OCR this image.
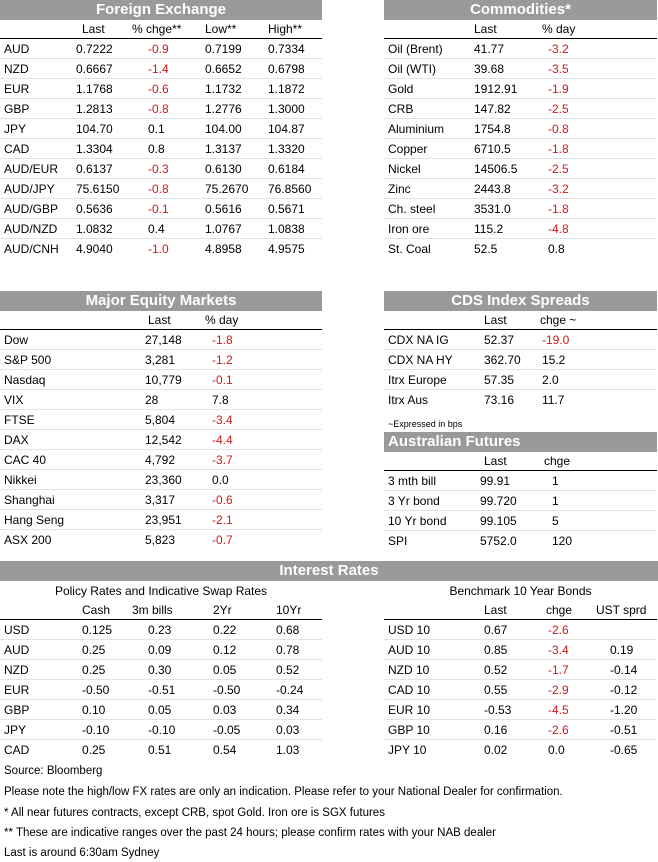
Foreign Exchange
Last % chge** Low**	High**
AUD	0.7222	-0.9	0.7199 0.7334
NZD	0.6667	-1.4	0.6652 0.6798
EUR	1.1768	-0.6	1.1732 1.1872
GBP	1.2813	-0.8	1.2776 1.3000
JPY	104.70	0.1	104.00 104.87
CAD	1.3304	0.8	1.3137 1.3320
AUD/EUR 0.6137	-0.3	0.6130 0.6184
AUD/JPY 75.6150 -0.8	75.2670 76.8560
AUD/GBP 0.5636	-0.1	0.5616 0.5671
AUD/NZD 1.0832	0.4	1.0767 1.0838
AUD/CNH 4.9040	-1.0	4.8958 4.9575
Commodities*
Last	% day
Oil (Brent)	41.77	-3.2
Oil (WTI)	39.68	-3.5
Gold	1912.91	-1.9
CRB	147.82	-2.5
Aluminium 1754.8	-0.8
Copper	6710.5	-1.8
Nickel	14506.5	-2.5
Zinc	2443.8	-3.2
Ch. steel	3531.0	-1.8
Iron ore	115.2	-4.8
St. Coal	52.5	0.8
Major Equity Markets
Last	% day
Dow	27,148	-1.8
S&P 500	3,281	-1.2
Nasdaq	10,779	-0.1
VIX	28	7.8
FTSE	5,804	-3.4
DAX	12,542	-4.4
CAC 40	4,792	-3.7
Nikkei	23,360	0.0
Shanghai	3,317	-0.6
Hang Seng	23,951	-2.1
ASX 200	5,823	-0.7
CDS Index Spreads
Last	chge ~
CDX NA IG	52.37 -19.0
CDX NA HY	362.70 15.2
Itrx Europe	57.35 2.0
Itrx Aus	73.16 11.7
~Expressed in bps
Australian Futures
Last	chge
3 mth bill	99.91	1
3 Yr bond	99.720	1
10 Yr bond	99.105	5
SPI	5752.0	120
Interest Rates
Policy Rates and Indicative Swap Rates
Cash 3m bills	2Yr	10Yr
USD	0.125	0.23	0.22	0.68
AUD	0.25	0.09	0.12	0.78
NZD	0.25	0.30	0.05	0.52
EUR	-0.50	-0.51	-0.50	-0.24
GBP	0.10	0.05	0.03	0.34
JPY	-0.10	-0.10	-0.05	0.03
CAD	0.25	0.51	0.54	1.03
Benchmark 10 Year Bonds
Last	chge UST sprd
USD 10	0.67	-2.6
AUD 10	0.85	-3.4	0.19
NZD 10	0.52	-1.7	-0.14
CAD 10	0.55	-2.9	-0.12
EUR 10	-0.53	-4.5	-1.20
GBP 10	0.16	-2.6	-0.51
JPY 10	0.02	0.0	-0.65
Source: Bloomberg
Please note the high/low FX rates are only an indication. Please refer to your National Dealer for confirmation.
* All near futures contracts, except CRB, spot Gold. Iron ore is SGX futures
** These are indicative ranges over the past 24 hours; please confirm rates with your NAB dealer
Last is around 6:30am Sydney
